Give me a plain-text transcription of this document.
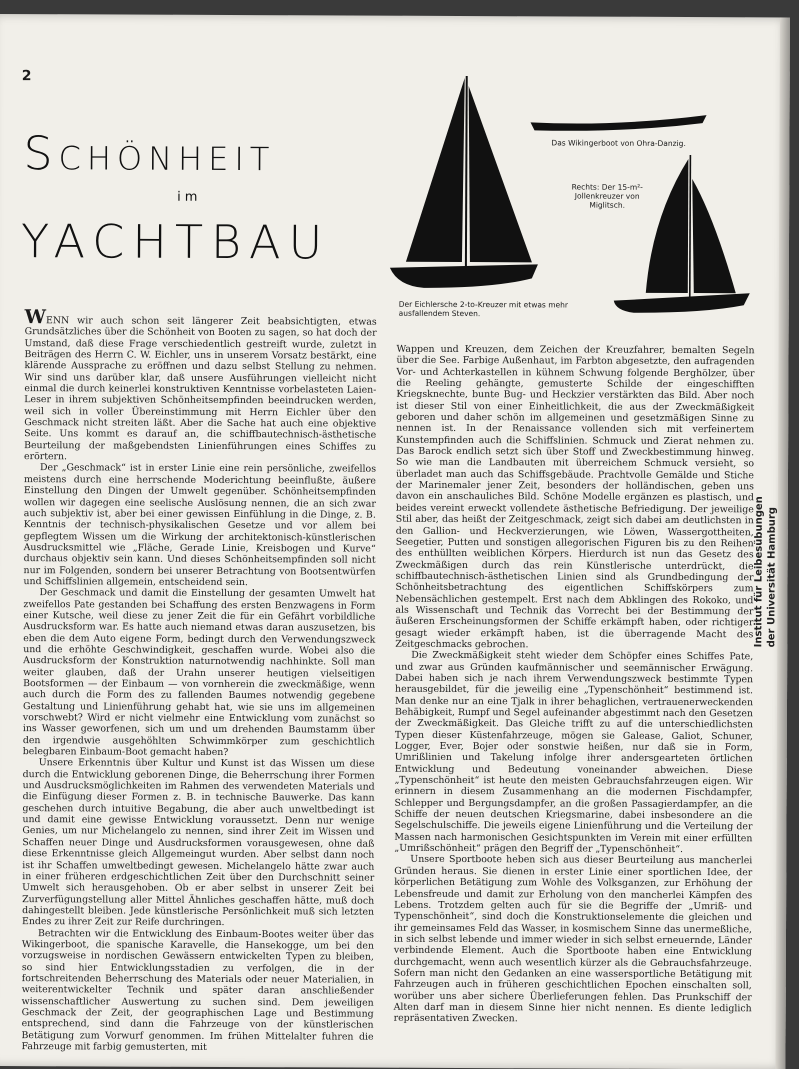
2
Schönheit
im
YACHTBAU
Das Wikingerboot von Ohra-Danzig.
Rechts: Der 15-m²-Jollenkreuzer von Miglitsch.
Der Eichlersche 2-to-Kreuzer mit etwas mehr ausfallendem Steven.

WENN wir auch schon seit längerer Zeit beabsichtigten, etwas Grundsätzliches über die Schönheit von Booten zu sagen, so hat doch der Umstand, daß diese Frage verschiedentlich gestreift wurde, zuletzt in Beiträgen des Herrn C. W. Eichler, uns in unserem Vorsatz bestärkt, eine klärende Aussprache zu eröffnen und dazu selbst Stellung zu nehmen. Wir sind uns darüber klar, daß unsere Ausführungen vielleicht nicht einmal die durch keinerlei konstruktiven Kenntnisse vorbelasteten Laien-Leser in ihrem subjektiven Schönheitsempfinden beeindrucken werden, weil sich in voller Übereinstimmung mit Herrn Eichler über den Geschmack nicht streiten läßt. Aber die Sache hat auch eine objektive Seite. Uns kommt es darauf an, die schiffbautechnisch-ästhetische Beurteilung der maßgebendsten Linienführungen eines Schiffes zu erörtern.

Der „Geschmack“ ist in erster Linie eine rein persönliche, zweifellos meistens durch eine herrschende Moderichtung beeinflußte, äußere Einstellung den Dingen der Umwelt gegenüber. Schönheitsempfinden wollen wir dagegen eine seelische Auslösung nennen, die an sich zwar auch subjektiv ist, aber bei einer gewissen Einfühlung in die Dinge, z. B. Kenntnis der technisch-physikalischen Gesetze und vor allem bei gepflegtem Wissen um die Wirkung der architektonisch-künstlerischen Ausdrucksmittel wie „Fläche, Gerade Linie, Kreisbogen und Kurve“ durchaus objektiv sein kann. Und dieses Schönheitsempfinden soll nicht nur im Folgenden, sondern bei unserer Betrachtung von Bootsentwürfen und Schiffslinien allgemein, entscheidend sein.

Der Geschmack und damit die Einstellung der gesamten Umwelt hat zweifellos Pate gestanden bei Schaffung des ersten Benzwagens in Form einer Kutsche, weil diese zu jener Zeit die für ein Gefährt vorbildliche Ausdrucksform war. Es hatte auch niemand etwas daran auszusetzen, bis eben die dem Auto eigene Form, bedingt durch den Verwendungszweck und die erhöhte Geschwindigkeit, geschaffen wurde. Wobei also die Ausdrucksform der Konstruktion naturnotwendig nachhinkte. Soll man weiter glauben, daß der Urahn unserer heutigen vielseitigen Bootsformen — der Einbaum — von vornherein die zweckmäßige, wenn auch durch die Form des zu fallenden Baumes notwendig gegebene Gestaltung und Linienführung gehabt hat, wie sie uns im allgemeinen vorschwebt? Wird er nicht vielmehr eine Entwicklung vom zunächst so ins Wasser geworfenen, sich um und um drehenden Baumstamm über den irgendwie ausgehöhlten Schwimmkörper zum geschichtlich belegbaren Einbaum-Boot gemacht haben?

Unsere Erkenntnis über Kultur und Kunst ist das Wissen um diese durch die Entwicklung geborenen Dinge, die Beherrschung ihrer Formen und Ausdrucksmöglichkeiten im Rahmen des verwendeten Materials und die Einfügung dieser Formen z. B. in technische Bauwerke. Das kann geschehen durch intuitive Begabung, die aber auch unweltbedingt ist und damit eine gewisse Entwicklung voraussetzt. Denn nur wenige Genies, um nur Michelangelo zu nennen, sind ihrer Zeit im Wissen und Schaffen neuer Dinge und Ausdrucksformen vorausgewesen, ohne daß diese Erkenntnisse gleich Allgemeingut wurden. Aber selbst dann noch ist ihr Schaffen umweltbedingt gewesen. Michelangelo hätte zwar auch in einer früheren erdgeschichtlichen Zeit über den Durchschnitt seiner Umwelt sich herausgehoben. Ob er aber selbst in unserer Zeit bei Zurverfügungstellung aller Mittel Ähnliches geschaffen hätte, muß doch dahingestellt bleiben. Jede künstlerische Persönlichkeit muß sich letzten Endes zu ihrer Zeit zur Reife durchringen.

Betrachten wir die Entwicklung des Einbaum-Bootes weiter über das Wikingerboot, die spanische Karavelle, die Hansekogge, um bei den vorzugsweise in nordischen Gewässern entwickelten Typen zu bleiben, so sind hier Entwicklungsstadien zu verfolgen, die in der fortschreitenden Beherrschung des Materials oder neuer Materialien, in weiterentwickelter Technik und später daran anschließender wissenschaftlicher Auswertung zu suchen sind. Dem jeweiligen Geschmack der Zeit, der geographischen Lage und Bestimmung entsprechend, sind dann die Fahrzeuge von der künstlerischen Betätigung zum Vorwurf genommen. Im frühen Mittelalter fuhren die Fahrzeuge mit farbig gemusterten, mit

Wappen und Kreuzen, dem Zeichen der Kreuzfahrer, bemalten Segeln über die See. Farbige Außenhaut, im Farbton abgesetzte, den aufragenden Vor- und Achterkastellen in kühnem Schwung folgende Berghölzer, über die Reeling gehängte, gemusterte Schilde der eingeschifften Kriegsknechte, bunte Bug- und Heckzier verstärkten das Bild. Aber noch ist dieser Stil von einer Einheitlichkeit, die aus der Zweckmäßigkeit geboren und daher schön im allgemeinen und gesetzmäßigen Sinne zu nennen ist. In der Renaissance vollenden sich mit verfeinertem Kunstempfinden auch die Schiffslinien. Schmuck und Zierat nehmen zu. Das Barock endlich setzt sich über Stoff und Zweckbestimmung hinweg. So wie man die Landbauten mit überreichem Schmuck versieht, so überladet man auch das Schiffsgebäude. Prachtvolle Gemälde und Stiche der Marinemaler jener Zeit, besonders der holländischen, geben uns davon ein anschauliches Bild. Schöne Modelle ergänzen es plastisch, und beides vereint erweckt vollendete ästhetische Befriedigung. Der jeweilige Stil aber, das heißt der Zeitgeschmack, zeigt sich dabei am deutlichsten in den Gallion- und Heckverzierungen, wie Löwen, Wassergottheiten, Seegetier, Putten und sonstigen allegorischen Figuren bis zu den Reihen des enthüllten weiblichen Körpers. Hierdurch ist nun das Gesetz des Zweckmäßigen durch das rein Künstlerische unterdrückt, die schiffbautechnisch-ästhetischen Linien sind als Grundbedingung der Schönheitsbetrachtung des eigentlichen Schiffskörpers zum Nebensächlichen gestempelt. Erst nach dem Abklingen des Rokoko, und als Wissenschaft und Technik das Vorrecht bei der Bestimmung der äußeren Erscheinungsformen der Schiffe erkämpft haben, oder richtiger gesagt wieder erkämpft haben, ist die überragende Macht des Zeitgeschmacks gebrochen.

Die Zweckmäßigkeit steht wieder dem Schöpfer eines Schiffes Pate, und zwar aus Gründen kaufmännischer und seemännischer Erwägung. Dabei haben sich je nach ihrem Verwendungszweck bestimmte Typen herausgebildet, für die jeweilig eine „Typenschönheit“ bestimmend ist. Man denke nur an eine Tjalk in ihrer behaglichen, vertrauenerweckenden Behäbigkeit, Rumpf und Segel aufeinander abgestimmt nach den Gesetzen der Zweckmäßigkeit. Das Gleiche trifft zu auf die unterschiedlichsten Typen dieser Küstenfahrzeuge, mögen sie Galease, Galiot, Schuner, Logger, Ever, Bojer oder sonstwie heißen, nur daß sie in Form, Umrißlinien und Takelung infolge ihrer andersgearteten örtlichen Entwicklung und Bedeutung voneinander abweichen. Diese „Typenschönheit“ ist heute den meisten Gebrauchsfahrzeugen eigen. Wir erinnern in diesem Zusammenhang an die modernen Fischdampfer, Schlepper und Bergungsdampfer, an die großen Passagierdampfer, an die Schiffe der neuen deutschen Kriegsmarine, dabei insbesondere an die Segelschulschiffe. Die jeweils eigene Linienführung und die Verteilung der Massen nach harmonischen Gesichtspunkten im Verein mit einer erfüllten „Umrißschönheit“ prägen den Begriff der „Typenschönheit“.

Unsere Sportboote heben sich aus dieser Beurteilung aus mancherlei Gründen heraus. Sie dienen in erster Linie einer sportlichen Idee, der körperlichen Betätigung zum Wohle des Volksganzen, zur Erhöhung der Lebensfreude und damit zur Erholung von den mancherlei Kämpfen des Lebens. Trotzdem gelten auch für sie die Begriffe der „Umriß- und Typenschönheit“, sind doch die Konstruktionselemente die gleichen und ihr gemeinsames Feld das Wasser, in kosmischem Sinne das unermeßliche, in sich selbst lebende und immer wieder in sich selbst erneuernde, Länder verbindende Element. Auch die Sportboote haben eine Entwicklung durchgemacht, wenn auch wesentlich kürzer als die Gebrauchsfahrzeuge. Sofern man nicht den Gedanken an eine wassersportliche Betätigung mit Fahrzeugen auch in früheren geschichtlichen Epochen einschalten soll, worüber uns aber sichere Überlieferungen fehlen. Das Prunkschiff der Alten darf man in diesem Sinne hier nicht nennen. Es diente lediglich repräsentativen Zwecken.

Institut für Leibesübungen der Universität Hamburg
